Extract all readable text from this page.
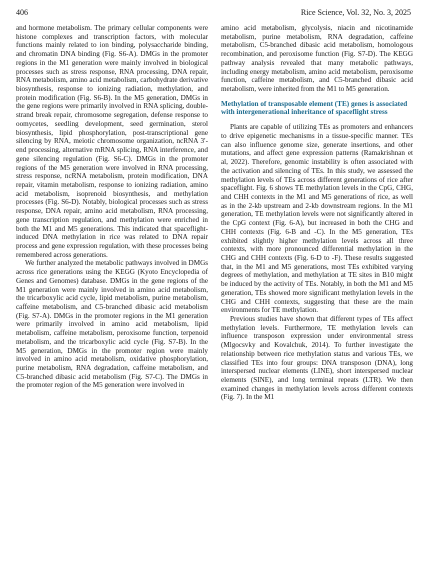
406	Rice Science, Vol. 32, No. 3, 2025

and hormone metabolism. The primary cellular components were histone complexes and transcription factors, with molecular functions mainly related to ion binding, polysaccharide binding, and chromatin DNA binding (Fig. S6-A). DMGs in the promoter regions in the M1 generation were mainly involved in biological processes such as stress response, RNA processing, DNA repair, RNA metabolism, amino acid metabolism, carbohydrate derivative biosynthesis, response to ionizing radiation, methylation, and protein modification (Fig. S6-B). In the M5 generation, DMGs in the gene regions were primarily involved in RNA splicing, double-strand break repair, chromosome segregation, defense response to oomycetes, seedling development, seed germination, sterol biosynthesis, lipid phosphorylation, post-transcriptional gene silencing by RNA, meiotic chromosome organization, ncRNA 3′-end processing, alternative mRNA splicing, RNA interference, and gene silencing regulation (Fig. S6-C). DMGs in the promoter regions of the M5 generation were involved in RNA processing, stress response, ncRNA metabolism, protein modification, DNA repair, vitamin metabolism, response to ionizing radiation, amino acid metabolism, isoprenoid biosynthesis, and methylation processes (Fig. S6-D). Notably, biological processes such as stress response, DNA repair, amino acid metabolism, RNA processing, gene transcription regulation, and methylation were enriched in both the M1 and M5 generations. This indicated that spaceflight-induced DNA methylation in rice was related to DNA repair process and gene expression regulation, with these processes being remembered across generations.

We further analyzed the metabolic pathways involved in DMGs across rice generations using the KEGG (Kyoto Encyclopedia of Genes and Genomes) database. DMGs in the gene regions of the M1 generation were mainly involved in amino acid metabolism, the tricarboxylic acid cycle, lipid metabolism, purine metabolism, caffeine metabolism, and C5-branched dibasic acid metabolism (Fig. S7-A). DMGs in the promoter regions in the M1 generation were primarily involved in amino acid metabolism, lipid metabolism, caffeine metabolism, peroxisome function, terpenoid metabolism, and the tricarboxylic acid cycle (Fig. S7-B). In the M5 generation, DMGs in the promoter region were mainly involved in amino acid metabolism, oxidative phosphorylation, purine metabolism, RNA degradation, caffeine metabolism, and C5-branched dibasic acid metabolism (Fig. S7-C). The DMGs in the promoter region of the M5 generation were involved in

amino acid metabolism, glycolysis, niacin and nicotinamide metabolism, purine metabolism, RNA degradation, caffeine metabolism, C5-branched dibasic acid metabolism, homologous recombination, and peroxisome function (Fig. S7-D). The KEGG pathway analysis revealed that many metabolic pathways, including energy metabolism, amino acid metabolism, peroxisome function, caffeine metabolism, and C5-branched dibasic acid metabolism, were inherited from the M1 to M5 generation.

Methylation of transposable element (TE) genes is associated with intergenerational inheritance of spaceflight stress

Plants are capable of utilizing TEs as promoters and enhancers to drive epigenetic mechanisms in a tissue-specific manner. TEs can also influence genome size, generate insertions, and other mutations, and affect gene expression patterns (Ramakrishnan et al, 2022). Therefore, genomic instability is often associated with the activation and silencing of TEs. In this study, we assessed the methylation levels of TEs across different generations of rice after spaceflight. Fig. 6 shows TE methylation levels in the CpG, CHG, and CHH contexts in the M1 and M5 generations of rice, as well as in the 2-kb upstream and 2-kb downstream regions. In the M1 generation, TE methylation levels were not significantly altered in the CpG context (Fig. 6-A), but increased in both the CHG and CHH contexts (Fig. 6-B and -C). In the M5 generation, TEs exhibited slightly higher methylation levels across all three contexts, with more pronounced differential methylation in the CHG and CHH contexts (Fig. 6-D to -F). These results suggested that, in the M1 and M5 generations, most TEs exhibited varying degrees of methylation, and methylation at TE sites in B10 might be induced by the activity of TEs. Notably, in both the M1 and M5 generation, TEs showed more significant methylation levels in the CHG and CHH contexts, suggesting that these are the main environments for TE methylation.

Previous studies have shown that different types of TEs affect methylation levels. Furthermore, TE methylation levels can influence transposon expression under environmental stress (Mlgocsvky and Kovalchuk, 2014). To further investigate the relationship between rice methylation status and various TEs, we classified TEs into four groups: DNA transposon (DNA), long interspersed nuclear elements (LINE), short interspersed nuclear elements (SINE), and long terminal repeats (LTR). We then examined changes in methylation levels across different contexts (Fig. 7). In the M1
